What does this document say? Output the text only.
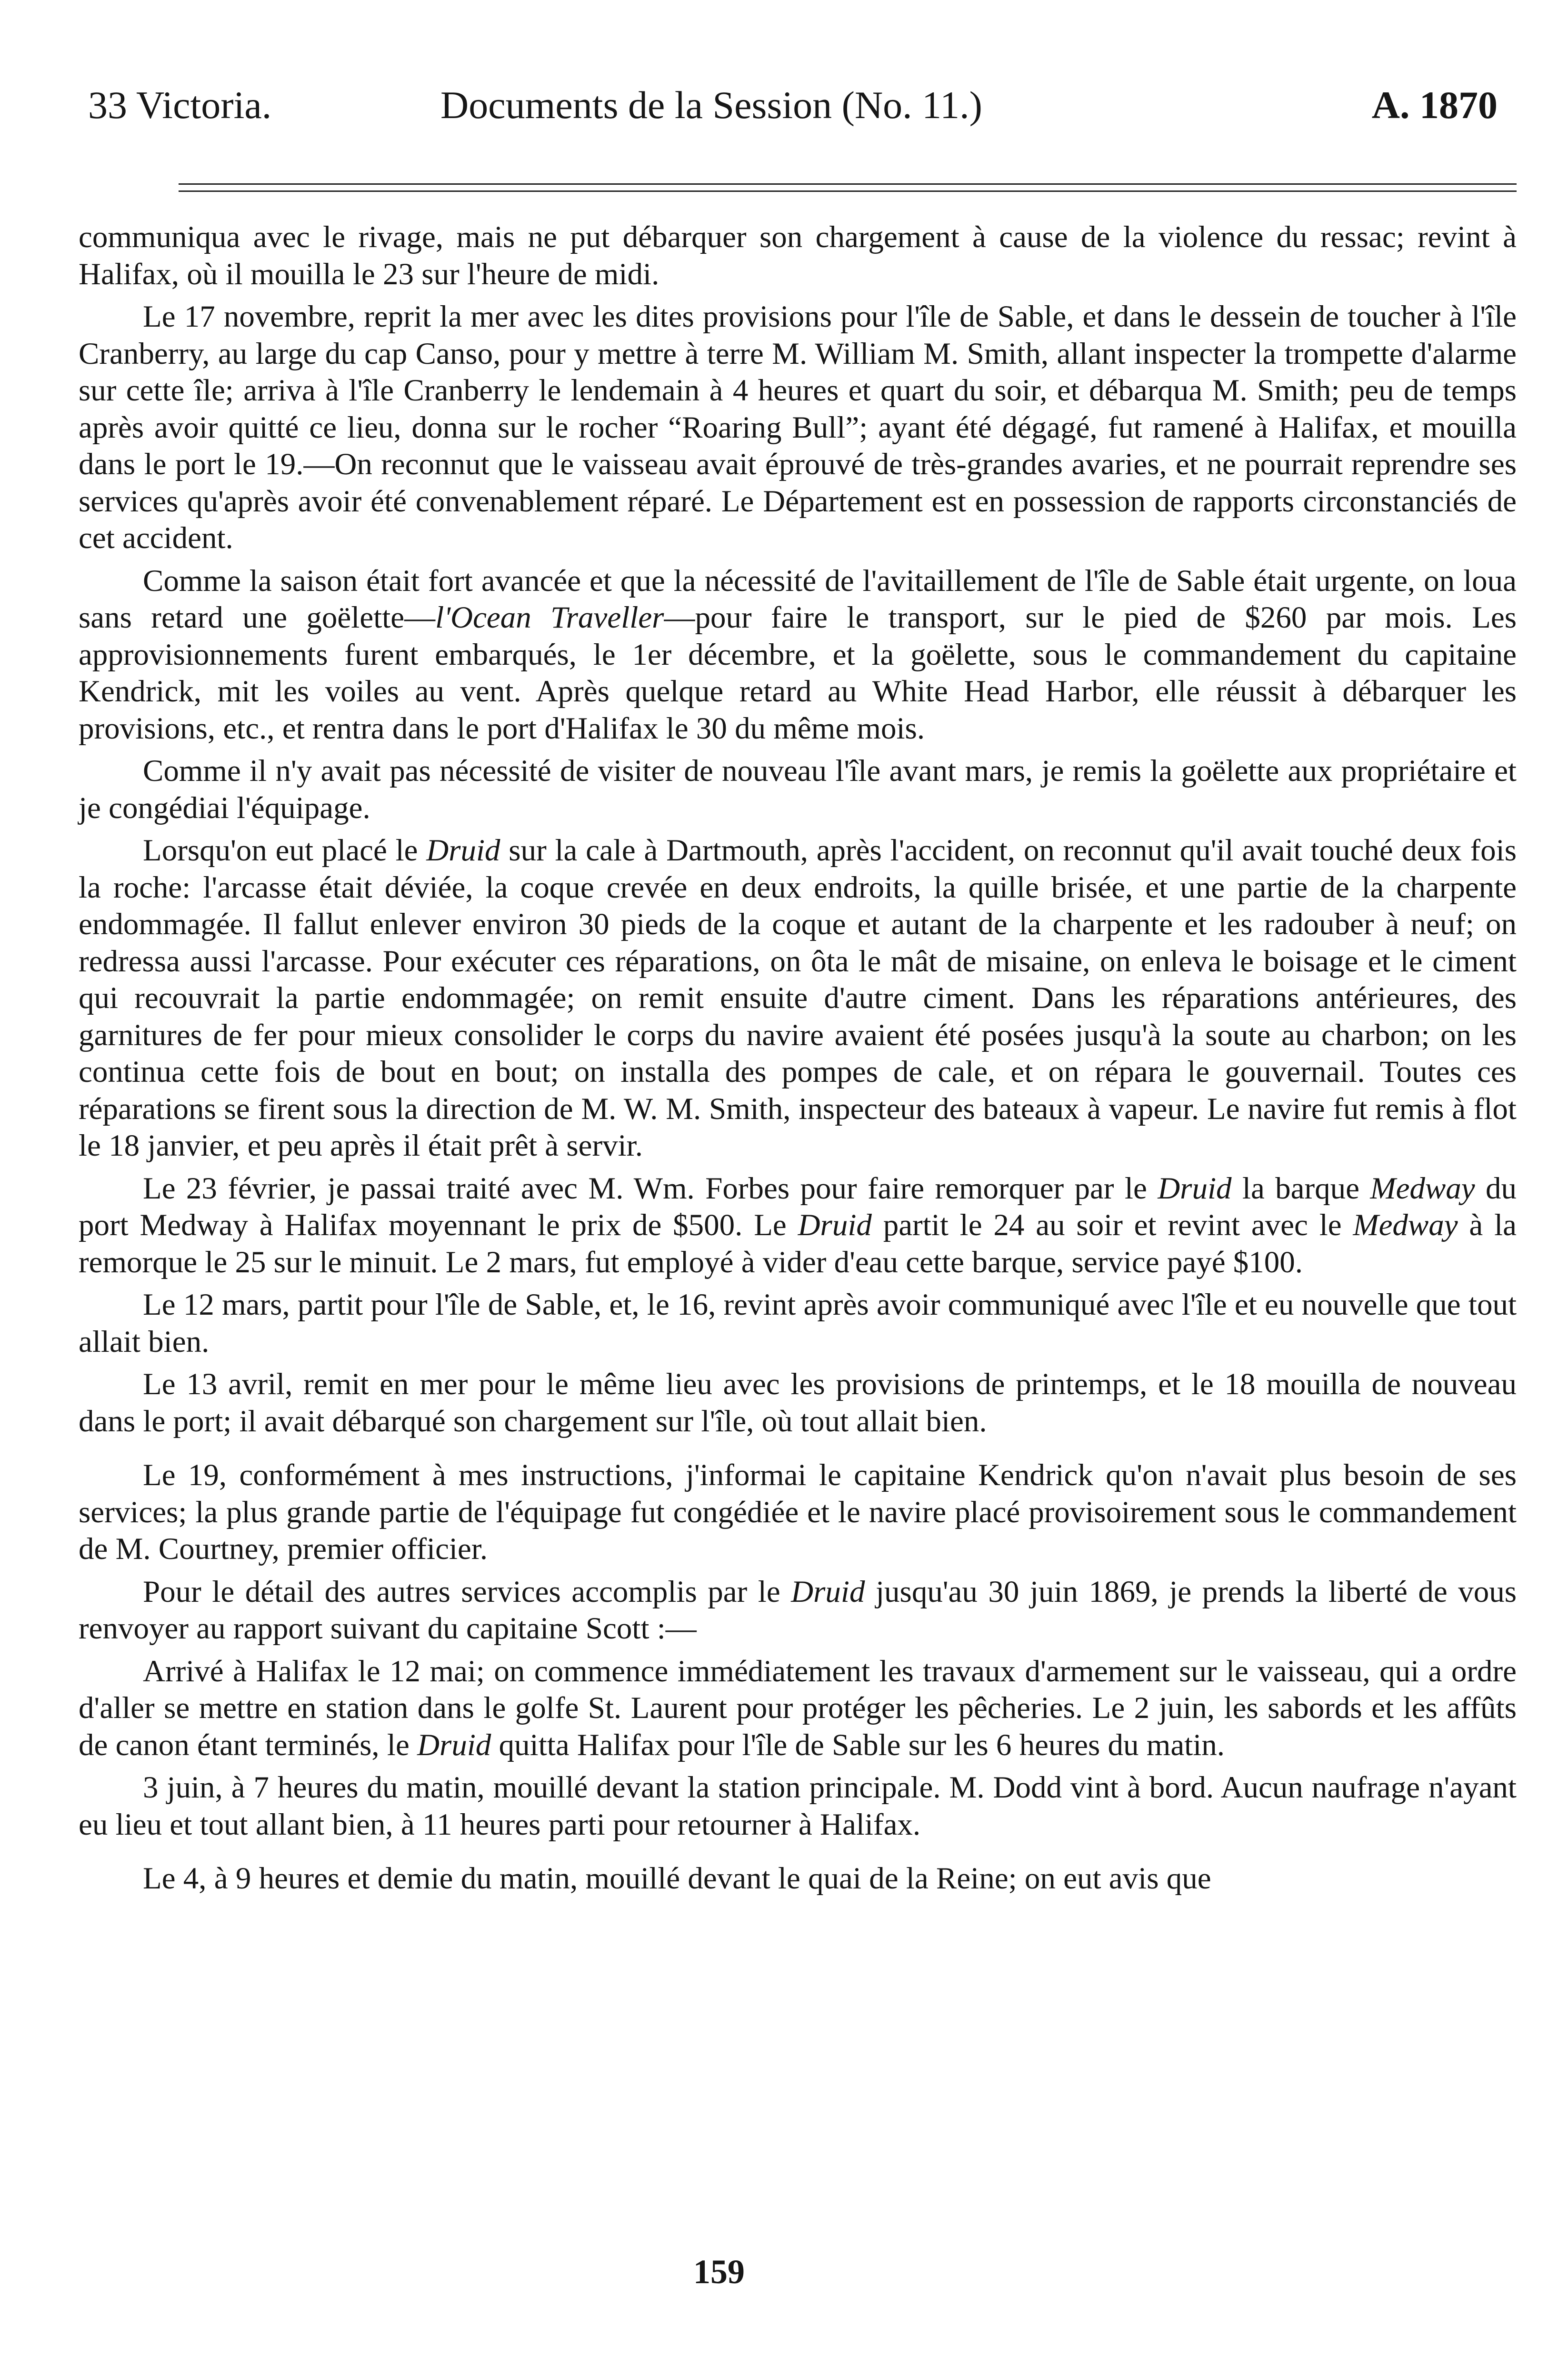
33 Victoria.	Documents de la Session (No. 11.)	A. 1870

communiqua avec le rivage, mais ne put débarquer son chargement à cause de la violence du ressac; revint à Halifax, où il mouilla le 23 sur l'heure de midi.

Le 17 novembre, reprit la mer avec les dites provisions pour l'île de Sable, et dans le dessein de toucher à l'île Cranberry, au large du cap Canso, pour y mettre à terre M. William M. Smith, allant inspecter la trompette d'alarme sur cette île; arriva à l'île Cranberry le lendemain à 4 heures et quart du soir, et débarqua M. Smith; peu de temps après avoir quitté ce lieu, donna sur le rocher “Roaring Bull”; ayant été dégagé, fut ramené à Halifax, et mouilla dans le port le 19.—On reconnut que le vaisseau avait éprouvé de très-grandes avaries, et ne pourrait reprendre ses services qu'après avoir été convenablement réparé. Le Département est en possession de rapports circonstanciés de cet accident.

Comme la saison était fort avancée et que la nécessité de l'avitaillement de l'île de Sable était urgente, on loua sans retard une goëlette—l'Ocean Traveller—pour faire le transport, sur le pied de $260 par mois. Les approvisionnements furent embarqués, le 1er décembre, et la goëlette, sous le commandement du capitaine Kendrick, mit les voiles au vent. Après quelque retard au White Head Harbor, elle réussit à débarquer les provisions, etc., et rentra dans le port d'Halifax le 30 du même mois.

Comme il n'y avait pas nécessité de visiter de nouveau l'île avant mars, je remis la goëlette aux propriétaire et je congédiai l'équipage.

Lorsqu'on eut placé le Druid sur la cale à Dartmouth, après l'accident, on reconnut qu'il avait touché deux fois la roche: l'arcasse était déviée, la coque crevée en deux endroits, la quille brisée, et une partie de la charpente endommagée. Il fallut enlever environ 30 pieds de la coque et autant de la charpente et les radouber à neuf; on redressa aussi l'arcasse. Pour exécuter ces réparations, on ôta le mât de misaine, on enleva le boisage et le ciment qui recouvrait la partie endommagée; on remit ensuite d'autre ciment. Dans les réparations antérieures, des garnitures de fer pour mieux consolider le corps du navire avaient été posées jusqu'à la soute au charbon; on les continua cette fois de bout en bout; on installa des pompes de cale, et on répara le gouvernail. Toutes ces réparations se firent sous la direction de M. W. M. Smith, inspecteur des bateaux à vapeur. Le navire fut remis à flot le 18 janvier, et peu après il était prêt à servir.

Le 23 février, je passai traité avec M. Wm. Forbes pour faire remorquer par le Druid la barque Medway du port Medway à Halifax moyennant le prix de $500. Le Druid partit le 24 au soir et revint avec le Medway à la remorque le 25 sur le minuit. Le 2 mars, fut employé à vider d'eau cette barque, service payé $100.

Le 12 mars, partit pour l'île de Sable, et, le 16, revint après avoir communiqué avec l'île et eu nouvelle que tout allait bien.

Le 13 avril, remit en mer pour le même lieu avec les provisions de printemps, et le 18 mouilla de nouveau dans le port; il avait débarqué son chargement sur l'île, où tout allait bien.

Le 19, conformément à mes instructions, j'informai le capitaine Kendrick qu'on n'avait plus besoin de ses services; la plus grande partie de l'équipage fut congédiée et le navire placé provisoirement sous le commandement de M. Courtney, premier officier.

Pour le détail des autres services accomplis par le Druid jusqu'au 30 juin 1869, je prends la liberté de vous renvoyer au rapport suivant du capitaine Scott :—

Arrivé à Halifax le 12 mai; on commence immédiatement les travaux d'armement sur le vaisseau, qui a ordre d'aller se mettre en station dans le golfe St. Laurent pour protéger les pêcheries. Le 2 juin, les sabords et les affûts de canon étant terminés, le Druid quitta Halifax pour l'île de Sable sur les 6 heures du matin.

3 juin, à 7 heures du matin, mouillé devant la station principale. M. Dodd vint à bord. Aucun naufrage n'ayant eu lieu et tout allant bien, à 11 heures parti pour retourner à Halifax.

Le 4, à 9 heures et demie du matin, mouillé devant le quai de la Reine; on eut avis que

159
